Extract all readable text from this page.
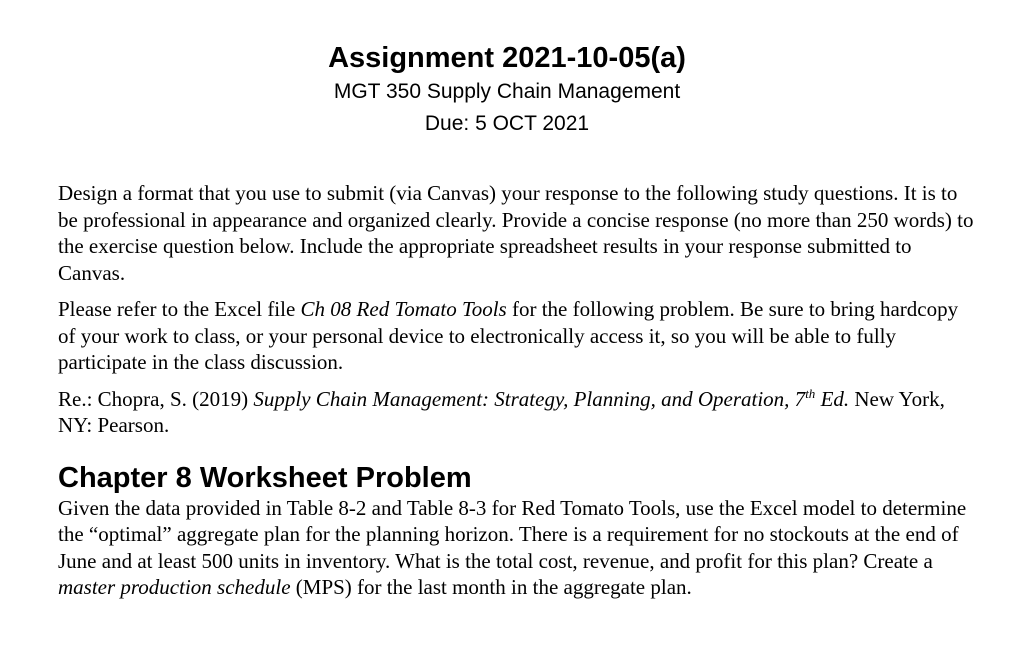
Assignment 2021-10-05(a)
MGT 350 Supply Chain Management
Due: 5 OCT 2021

Design a format that you use to submit (via Canvas) your response to the following study questions. It is to be professional in appearance and organized clearly. Provide a concise response (no more than 250 words) to the exercise question below. Include the appropriate spreadsheet results in your response submitted to Canvas.

Please refer to the Excel file Ch 08 Red Tomato Tools for the following problem. Be sure to bring hardcopy of your work to class, or your personal device to electronically access it, so you will be able to fully participate in the class discussion.

Re.: Chopra, S. (2019) Supply Chain Management: Strategy, Planning, and Operation, 7th Ed. New York, NY: Pearson.

Chapter 8 Worksheet Problem

Given the data provided in Table 8-2 and Table 8-3 for Red Tomato Tools, use the Excel model to determine the “optimal” aggregate plan for the planning horizon. There is a requirement for no stockouts at the end of June and at least 500 units in inventory. What is the total cost, revenue, and profit for this plan? Create a master production schedule (MPS) for the last month in the aggregate plan.
